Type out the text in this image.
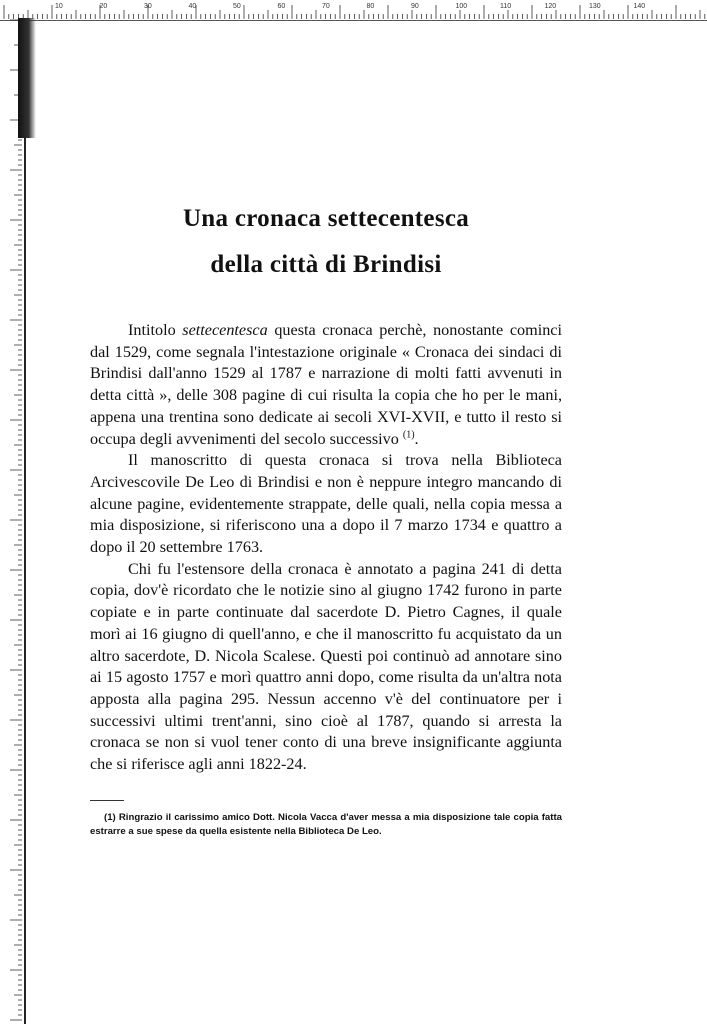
10	20	30	40	50	60	70	80	90	100	110	120	130	140
Una cronaca settecentesca
della città di Brindisi

Intitolo settecentesca questa cronaca perchè, nonostante cominci dal 1529, come segnala l'intestazione originale « Cronaca dei sindaci di Brindisi dall'anno 1529 al 1787 e narrazione di molti fatti avvenuti in detta città », delle 308 pagine di cui risulta la copia che ho per le mani, appena una trentina sono dedicate ai secoli XVI-XVII, e tutto il resto si occupa degli avvenimenti del secolo successivo $^{(1)}$.

Il manoscritto di questa cronaca si trova nella Biblioteca Arcivescovile De Leo di Brindisi e non è neppure integro mancando di alcune pagine, evidentemente strappate, delle quali, nella copia messa a mia disposizione, si riferiscono una a dopo il 7 marzo 1734 e quattro a dopo il 20 settembre 1763.

Chi fu l'estensore della cronaca è annotato a pagina 241 di detta copia, dov'è ricordato che le notizie sino al giugno 1742 furono in parte copiate e in parte continuate dal sacerdote D. Pietro Cagnes, il quale morì ai 16 giugno di quell'anno, e che il manoscritto fu acquistato da un altro sacerdote, D. Nicola Scalese. Questi poi continuò ad annotare sino ai 15 agosto 1757 e morì quattro anni dopo, come risulta da un'altra nota apposta alla pagina 295. Nessun accenno v'è del continuatore per i successivi ultimi trent'anni, sino cioè al 1787, quando si arresta la cronaca se non si vuol tener conto di una breve insignificante aggiunta che si riferisce agli anni 1822-24.

(1) Ringrazio il carissimo amico Dott. Nicola Vacca d'aver messa a mia disposizione tale copia fatta estrarre a sue spese da quella esistente nella Biblioteca De Leo.
